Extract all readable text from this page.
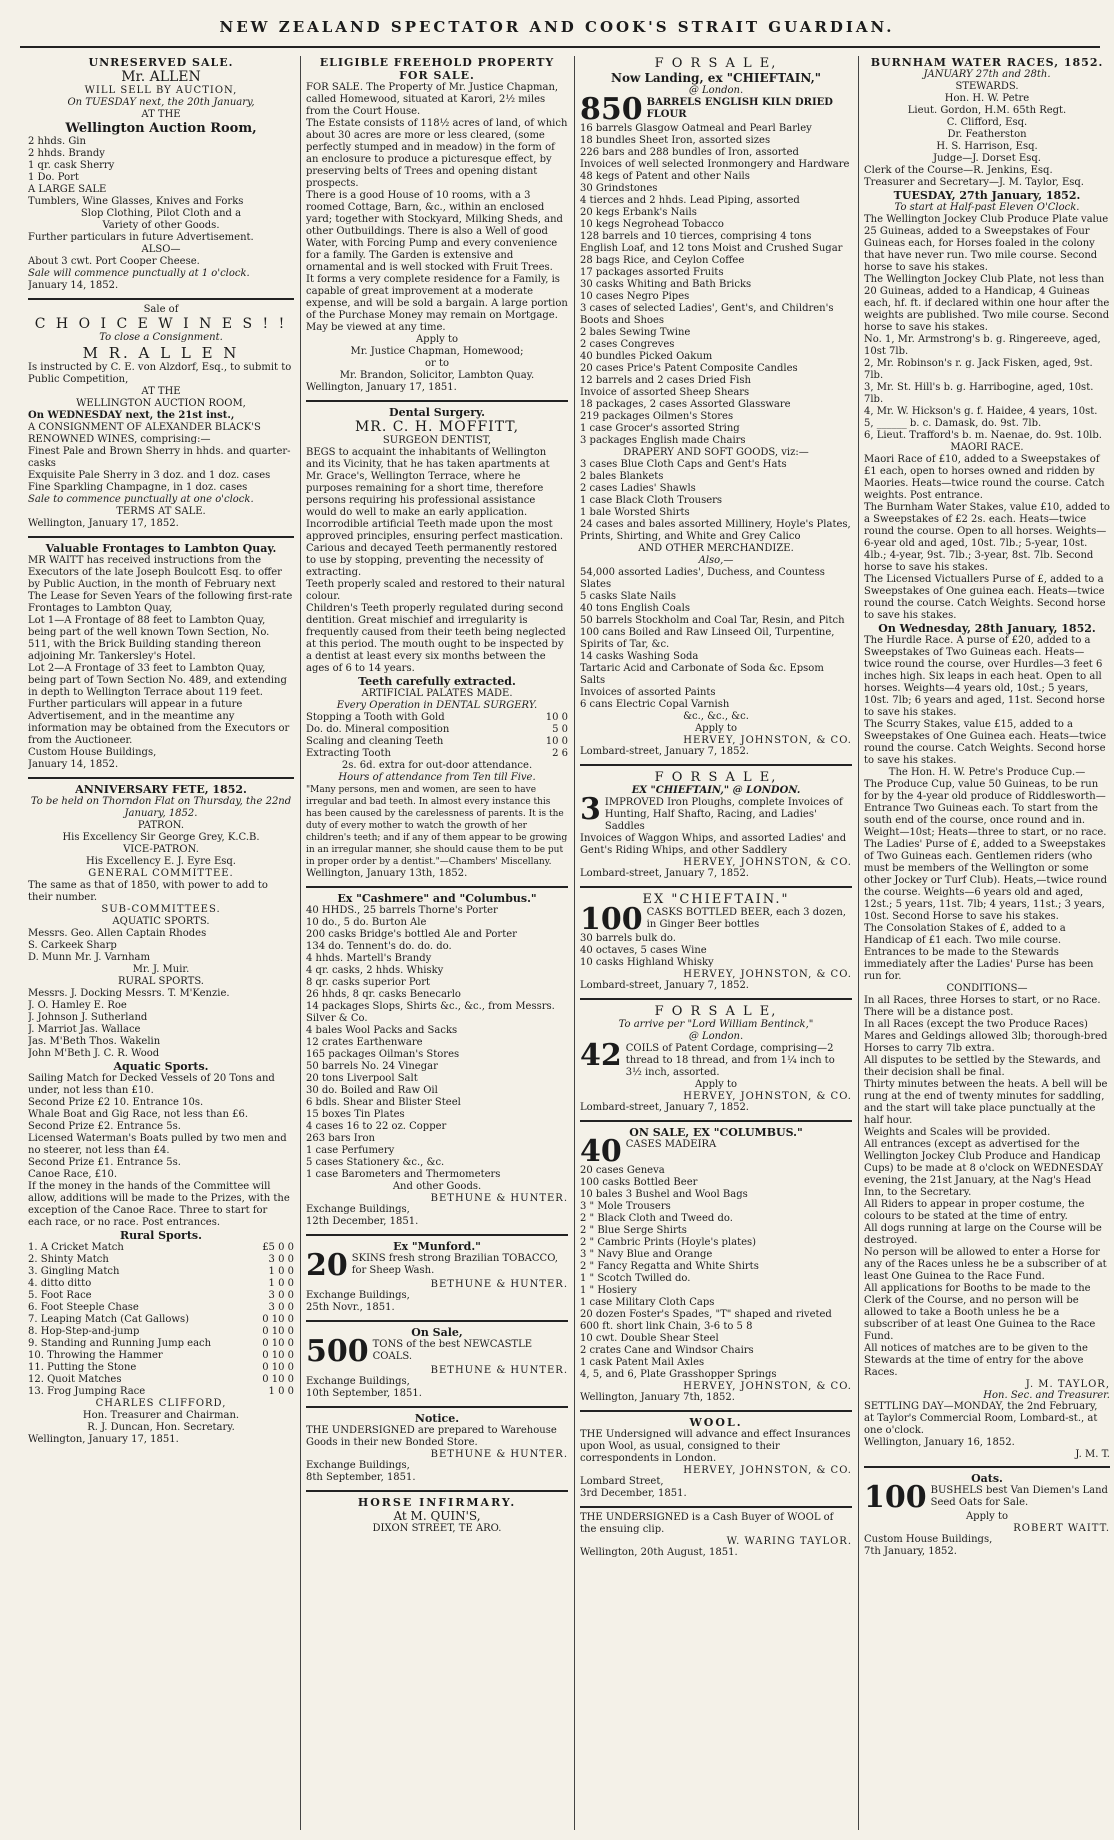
NEW ZEALAND SPECTATOR AND COOK'S STRAIT GUARDIAN.
UNRESERVED SALE.
Mr. ALLEN
WILL SELL BY AUCTION,
On TUESDAY next, the 20th January,
AT THE
Wellington Auction Room,
2 hhds. Gin
2 hhds. Brandy
1 qr. cask Sherry
1 Do. Port
A LARGE SALE
Tumblers, Wine Glasses, Knives and Forks
Slop Clothing, Pilot Cloth and a
Variety of other Goods.
Further particulars in future Advertisement.
ALSO—
About 3 cwt. Port Cooper Cheese.
Sale will commence punctually at 1 o'clock.
January 14, 1852.
Sale of
C H O I C E W I N E S ! !
To close a Consignment.
M R. A L L E N
Is instructed by C. E. von Alzdorf, Esq., to submit to Public Competition,
AT THE
WELLINGTON AUCTION ROOM,
On WEDNESDAY next, the 21st inst.,
A CONSIGNMENT OF ALEXANDER BLACK'S RENOWNED WINES, comprising:—
Finest Pale and Brown Sherry in hhds. and quarter-casks
Exquisite Pale Sherry in 3 doz. and 1 doz. cases
Fine Sparkling Champagne, in 1 doz. cases
Sale to commence punctually at one o'clock.
TERMS AT SALE.
Wellington, January 17, 1852.
Valuable Frontages to Lambton Quay.
MR WAITT has received instructions from the Executors of the late Joseph Boulcott Esq. to offer by Public Auction, in the month of February next
The Lease for Seven Years of the following first-rate Frontages to Lambton Quay,
Lot 1—A Frontage of 88 feet to Lambton Quay, being part of the well known Town Section, No. 511, with the Brick Building standing thereon adjoining Mr. Tankersley's Hotel.
Lot 2—A Frontage of 33 feet to Lambton Quay, being part of Town Section No. 489, and extending in depth to Wellington Terrace about 119 feet.
Further particulars will appear in a future Advertisement, and in the meantime any information may be obtained from the Executors or from the Auctioneer.
Custom House Buildings,
January 14, 1852.
ANNIVERSARY FETE, 1852.
To be held on Thorndon Flat on Thursday, the 22nd January, 1852.
PATRON.
His Excellency Sir George Grey, K.C.B.
VICE-PATRON.
His Excellency E. J. Eyre Esq.
GENERAL COMMITTEE.
The same as that of 1850, with power to add to their number.
SUB-COMMITTEES.
AQUATIC SPORTS.
Messrs. Geo. Allen Captain Rhodes
S. Carkeek Sharp
D. Munn Mr. J. Varnham
Mr. J. Muir.
RURAL SPORTS.
Messrs. J. Docking Messrs. T. M'Kenzie.
J. O. Hamley E. Roe
J. Johnson J. Sutherland
J. Marriot Jas. Wallace
Jas. M'Beth Thos. Wakelin
John M'Beth J. C. R. Wood
Aquatic Sports.
Sailing Match for Decked Vessels of 20 Tons and under, not less than £10.
Second Prize £2 10. Entrance 10s.
Whale Boat and Gig Race, not less than £6.
Second Prize £2. Entrance 5s.
Licensed Waterman's Boats pulled by two men and no steerer, not less than £4.
Second Prize £1. Entrance 5s.
Canoe Race, £10.
If the money in the hands of the Committee will allow, additions will be made to the Prizes, with the exception of the Canoe Race. Three to start for each race, or no race. Post entrances.
Rural Sports.
1. A Cricket Match	£5 0 0
2. Shinty Match	3 0 0
3. Gingling Match	1 0 0
4. ditto ditto	1 0 0
5. Foot Race	3 0 0
6. Foot Steeple Chase	3 0 0
7. Leaping Match (Cat Gallows)	0 10 0
8. Hop-Step-and-jump	0 10 0
9. Standing and Running Jump each	0 10 0
10. Throwing the Hammer	0 10 0
11. Putting the Stone	0 10 0
12. Quoit Matches	0 10 0
13. Frog Jumping Race	1 0 0
CHARLES CLIFFORD,
Hon. Treasurer and Chairman.
R. J. Duncan, Hon. Secretary.
Wellington, January 17, 1851.
ELIGIBLE FREEHOLD PROPERTY FOR SALE.
FOR SALE. The Property of Mr. Justice Chapman, called Homewood, situated at Karori, 2½ miles from the Court House.
The Estate consists of 118½ acres of land, of which about 30 acres are more or less cleared, (some perfectly stumped and in meadow) in the form of an enclosure to produce a picturesque effect, by preserving belts of Trees and opening distant prospects.
There is a good House of 10 rooms, with a 3 roomed Cottage, Barn, &c., within an enclosed yard; together with Stockyard, Milking Sheds, and other Outbuildings. There is also a Well of good Water, with Forcing Pump and every convenience for a family. The Garden is extensive and ornamental and is well stocked with Fruit Trees.
It forms a very complete residence for a Family, is capable of great improvement at a moderate expense, and will be sold a bargain. A large portion of the Purchase Money may remain on Mortgage.
May be viewed at any time.
Apply to
Mr. Justice Chapman, Homewood;
or to
Mr. Brandon, Solicitor, Lambton Quay.
Wellington, January 17, 1851.
Dental Surgery.
MR. C. H. MOFFITT,
SURGEON DENTIST,
BEGS to acquaint the inhabitants of Wellington and its Vicinity, that he has taken apartments at Mr. Grace's, Wellington Terrace, where he purposes remaining for a short time, therefore persons requiring his professional assistance would do well to make an early application.
Incorrodible artificial Teeth made upon the most approved principles, ensuring perfect mastication.
Carious and decayed Teeth permanently restored to use by stopping, preventing the necessity of extracting.
Teeth properly scaled and restored to their natural colour.
Children's Teeth properly regulated during second dentition. Great mischief and irregularity is frequently caused from their teeth being neglected at this period. The mouth ought to be inspected by a dentist at least every six months between the ages of 6 to 14 years.
Teeth carefully extracted.
ARTIFICIAL PALATES MADE.
Every Operation in DENTAL SURGERY.
Stopping a Tooth with Gold	10 0
Do. do. Mineral composition	5 0
Scaling and cleaning Teeth	10 0
Extracting Tooth	2 6
2s. 6d. extra for out-door attendance.
Hours of attendance from Ten till Five.
"Many persons, men and women, are seen to have irregular and bad teeth. In almost every instance this has been caused by the carelessness of parents. It is the duty of every mother to watch the growth of her children's teeth; and if any of them appear to be growing in an irregular manner, she should cause them to be put in proper order by a dentist."—Chambers' Miscellany.
Wellington, January 13th, 1852.
Ex "Cashmere" and "Columbus."
40 HHDS., 25 barrels Thorne's Porter
10 do., 5 do. Burton Ale
200 casks Bridge's bottled Ale and Porter
134 do. Tennent's do. do. do.
4 hhds. Martell's Brandy
4 qr. casks, 2 hhds. Whisky
8 qr. casks superior Port
26 hhds, 8 qr. casks Benecarlo
14 packages Slops, Shirts &c., &c., from Messrs. Silver & Co.
4 bales Wool Packs and Sacks
12 crates Earthenware
165 packages Oilman's Stores
50 barrels No. 24 Vinegar
20 tons Liverpool Salt
30 do. Boiled and Raw Oil
6 bdls. Shear and Blister Steel
15 boxes Tin Plates
4 cases 16 to 22 oz. Copper
263 bars Iron
1 case Perfumery
5 cases Stationery &c., &c.
1 case Barometers and Thermometers
And other Goods.
BETHUNE & HUNTER.
Exchange Buildings,
12th December, 1851.
Ex "Munford."
20 SKINS fresh strong Brazilian TOBACCO, for Sheep Wash.
BETHUNE & HUNTER.
Exchange Buildings,
25th Novr., 1851.
On Sale,
500 TONS of the best NEWCASTLE COALS.
BETHUNE & HUNTER.
Exchange Buildings,
10th September, 1851.
Notice.
THE UNDERSIGNED are prepared to Warehouse Goods in their new Bonded Store.
BETHUNE & HUNTER.
Exchange Buildings,
8th September, 1851.
HORSE INFIRMARY.
At M. QUIN'S,
DIXON STREET, TE ARO.
F O R S A L E,
Now Landing, ex "CHIEFTAIN,"
@ London.
850 BARRELS ENGLISH KILN DRIED FLOUR
16 barrels Glasgow Oatmeal and Pearl Barley
18 bundles Sheet Iron, assorted sizes
226 bars and 288 bundles of Iron, assorted
Invoices of well selected Ironmongery and Hardware
48 kegs of Patent and other Nails
30 Grindstones
4 tierces and 2 hhds. Lead Piping, assorted
20 kegs Erbank's Nails
10 kegs Negrohead Tobacco
128 barrels and 10 tierces, comprising 4 tons English Loaf, and 12 tons Moist and Crushed Sugar
28 bags Rice, and Ceylon Coffee
17 packages assorted Fruits
30 casks Whiting and Bath Bricks
10 cases Negro Pipes
3 cases of selected Ladies', Gent's, and Children's Boots and Shoes
2 bales Sewing Twine
2 cases Congreves
40 bundles Picked Oakum
20 cases Price's Patent Composite Candles
12 barrels and 2 cases Dried Fish
Invoice of assorted Sheep Shears
18 packages, 2 cases Assorted Glassware
219 packages Oilmen's Stores
1 case Grocer's assorted String
3 packages English made Chairs
DRAPERY AND SOFT GOODS, viz:—
3 cases Blue Cloth Caps and Gent's Hats
2 bales Blankets
2 cases Ladies' Shawls
1 case Black Cloth Trousers
1 bale Worsted Shirts
24 cases and bales assorted Millinery, Hoyle's Plates, Prints, Shirting, and White and Grey Calico
AND OTHER MERCHANDIZE.
Also,—
54,000 assorted Ladies', Duchess, and Countess Slates
5 casks Slate Nails
40 tons English Coals
50 barrels Stockholm and Coal Tar, Resin, and Pitch
100 cans Boiled and Raw Linseed Oil, Turpentine, Spirits of Tar, &c.
14 casks Washing Soda
Tartaric Acid and Carbonate of Soda &c. Epsom Salts
Invoices of assorted Paints
6 cans Electric Copal Varnish
&c., &c., &c.
Apply to
HERVEY, JOHNSTON, & CO.
Lombard-street, January 7, 1852.
F O R S A L E,
EX "CHIEFTAIN," @ LONDON.
3 IMPROVED Iron Ploughs, complete Invoices of Hunting, Half Shafto, Racing, and Ladies' Saddles
Invoices of Waggon Whips, and assorted Ladies' and Gent's Riding Whips, and other Saddlery
HERVEY, JOHNSTON, & CO.
Lombard-street, January 7, 1852.
EX "CHIEFTAIN."
100 CASKS BOTTLED BEER, each 3 dozen, in Ginger Beer bottles
30 barrels bulk do.
40 octaves, 5 cases Wine
10 casks Highland Whisky
HERVEY, JOHNSTON, & CO.
Lombard-street, January 7, 1852.
F O R S A L E,
To arrive per "Lord William Bentinck,"
@ London.
42 COILS of Patent Cordage, comprising—2 thread to 18 thread, and from 1¼ inch to 3½ inch, assorted.
Apply to
HERVEY, JOHNSTON, & CO.
Lombard-street, January 7, 1852.
ON SALE, EX "COLUMBUS."
40 CASES MADEIRA
20 cases Geneva
100 casks Bottled Beer
10 bales 3 Bushel and Wool Bags
3 " Mole Trousers
2 " Black Cloth and Tweed do.
2 " Blue Serge Shirts
2 " Cambric Prints (Hoyle's plates)
3 " Navy Blue and Orange
2 " Fancy Regatta and White Shirts
1 " Scotch Twilled do.
1 " Hosiery
1 case Military Cloth Caps
20 dozen Foster's Spades, "T" shaped and riveted
600 ft. short link Chain, 3-6 to 5 8
10 cwt. Double Shear Steel
2 crates Cane and Windsor Chairs
1 cask Patent Mail Axles
4, 5, and 6, Plate Grasshopper Springs
HERVEY, JOHNSTON, & CO.
Wellington, January 7th, 1852.
WOOL.
THE Undersigned will advance and effect Insurances upon Wool, as usual, consigned to their correspondents in London.
HERVEY, JOHNSTON, & CO.
Lombard Street,
3rd December, 1851.
THE UNDERSIGNED is a Cash Buyer of WOOL of the ensuing clip.
W. WARING TAYLOR.
Wellington, 20th August, 1851.
BURNHAM WATER RACES, 1852.
JANUARY 27th and 28th.
STEWARDS.
Hon. H. W. Petre
Lieut. Gordon, H.M. 65th Regt.
C. Clifford, Esq.
Dr. Featherston
H. S. Harrison, Esq.
Judge—J. Dorset Esq.
Clerk of the Course—R. Jenkins, Esq.
Treasurer and Secretary—J. M. Taylor, Esq.
TUESDAY, 27th January, 1852.
To start at Half-past Eleven O'Clock.
The Wellington Jockey Club Produce Plate value 25 Guineas, added to a Sweepstakes of Four Guineas each, for Horses foaled in the colony that have never run. Two mile course. Second horse to save his stakes.
The Wellington Jockey Club Plate, not less than 20 Guineas, added to a Handicap, 4 Guineas each, hf. ft. if declared within one hour after the weights are published. Two mile course. Second horse to save his stakes.
No. 1, Mr. Armstrong's b. g. Ringereeve, aged, 10st 7lb.
2, Mr. Robinson's r. g. Jack Fisken, aged, 9st. 7lb.
3, Mr. St. Hill's b. g. Harribogine, aged, 10st. 7lb.
4, Mr. W. Hickson's g. f. Haidee, 4 years, 10st.
5, ______ b. c. Damask, do. 9st. 7lb.
6, Lieut. Trafford's b. m. Naenae, do. 9st. 10lb.
MAORI RACE.
Maori Race of £10, added to a Sweepstakes of £1 each, open to horses owned and ridden by Maories. Heats—twice round the course. Catch weights. Post entrance.
The Burnham Water Stakes, value £10, added to a Sweepstakes of £2 2s. each. Heats—twice round the course. Open to all horses. Weights—6-year old and aged, 10st. 7lb.; 5-year, 10st. 4lb.; 4-year, 9st. 7lb.; 3-year, 8st. 7lb. Second horse to save his stakes.
The Licensed Victuallers Purse of £, added to a Sweepstakes of One guinea each. Heats—twice round the course. Catch Weights. Second horse to save his stakes.
On Wednesday, 28th January, 1852.
The Hurdle Race. A purse of £20, added to a Sweepstakes of Two Guineas each. Heats—twice round the course, over Hurdles—3 feet 6 inches high. Six leaps in each heat. Open to all horses. Weights—4 years old, 10st.; 5 years, 10st. 7lb; 6 years and aged, 11st. Second horse to save his stakes.
The Scurry Stakes, value £15, added to a Sweepstakes of One Guinea each. Heats—twice round the course. Catch Weights. Second horse to save his stakes.
The Hon. H. W. Petre's Produce Cup.—
The Produce Cup, value 50 Guineas, to be run for by the 4-year old produce of Riddlesworth—Entrance Two Guineas each. To start from the south end of the course, once round and in. Weight—10st; Heats—three to start, or no race.
The Ladies' Purse of £, added to a Sweepstakes of Two Guineas each. Gentlemen riders (who must be members of the Wellington or some other Jockey or Turf Club). Heats,—twice round the course. Weights—6 years old and aged, 12st.; 5 years, 11st. 7lb; 4 years, 11st.; 3 years, 10st. Second Horse to save his stakes.
The Consolation Stakes of £, added to a Handicap of £1 each. Two mile course. Entrances to be made to the Stewards immediately after the Ladies' Purse has been run for.
CONDITIONS—
In all Races, three Horses to start, or no Race. There will be a distance post.
In all Races (except the two Produce Races) Mares and Geldings allowed 3lb; thorough-bred Horses to carry 7lb extra.
All disputes to be settled by the Stewards, and their decision shall be final.
Thirty minutes between the heats. A bell will be rung at the end of twenty minutes for saddling, and the start will take place punctually at the half hour.
Weights and Scales will be provided.
All entrances (except as advertised for the Wellington Jockey Club Produce and Handicap Cups) to be made at 8 o'clock on WEDNESDAY evening, the 21st January, at the Nag's Head Inn, to the Secretary.
All Riders to appear in proper costume, the colours to be stated at the time of entry.
All dogs running at large on the Course will be destroyed.
No person will be allowed to enter a Horse for any of the Races unless he be a subscriber of at least One Guinea to the Race Fund.
All applications for Booths to be made to the Clerk of the Course, and no person will be allowed to take a Booth unless he be a subscriber of at least One Guinea to the Race Fund.
All notices of matches are to be given to the Stewards at the time of entry for the above Races.
J. M. TAYLOR,
Hon. Sec. and Treasurer.
SETTLING DAY—MONDAY, the 2nd February, at Taylor's Commercial Room, Lombard-st., at one o'clock.
Wellington, January 16, 1852.
J. M. T.
Oats.
100 BUSHELS best Van Diemen's Land Seed Oats for Sale.
Apply to
ROBERT WAITT.
Custom House Buildings,
7th January, 1852.
